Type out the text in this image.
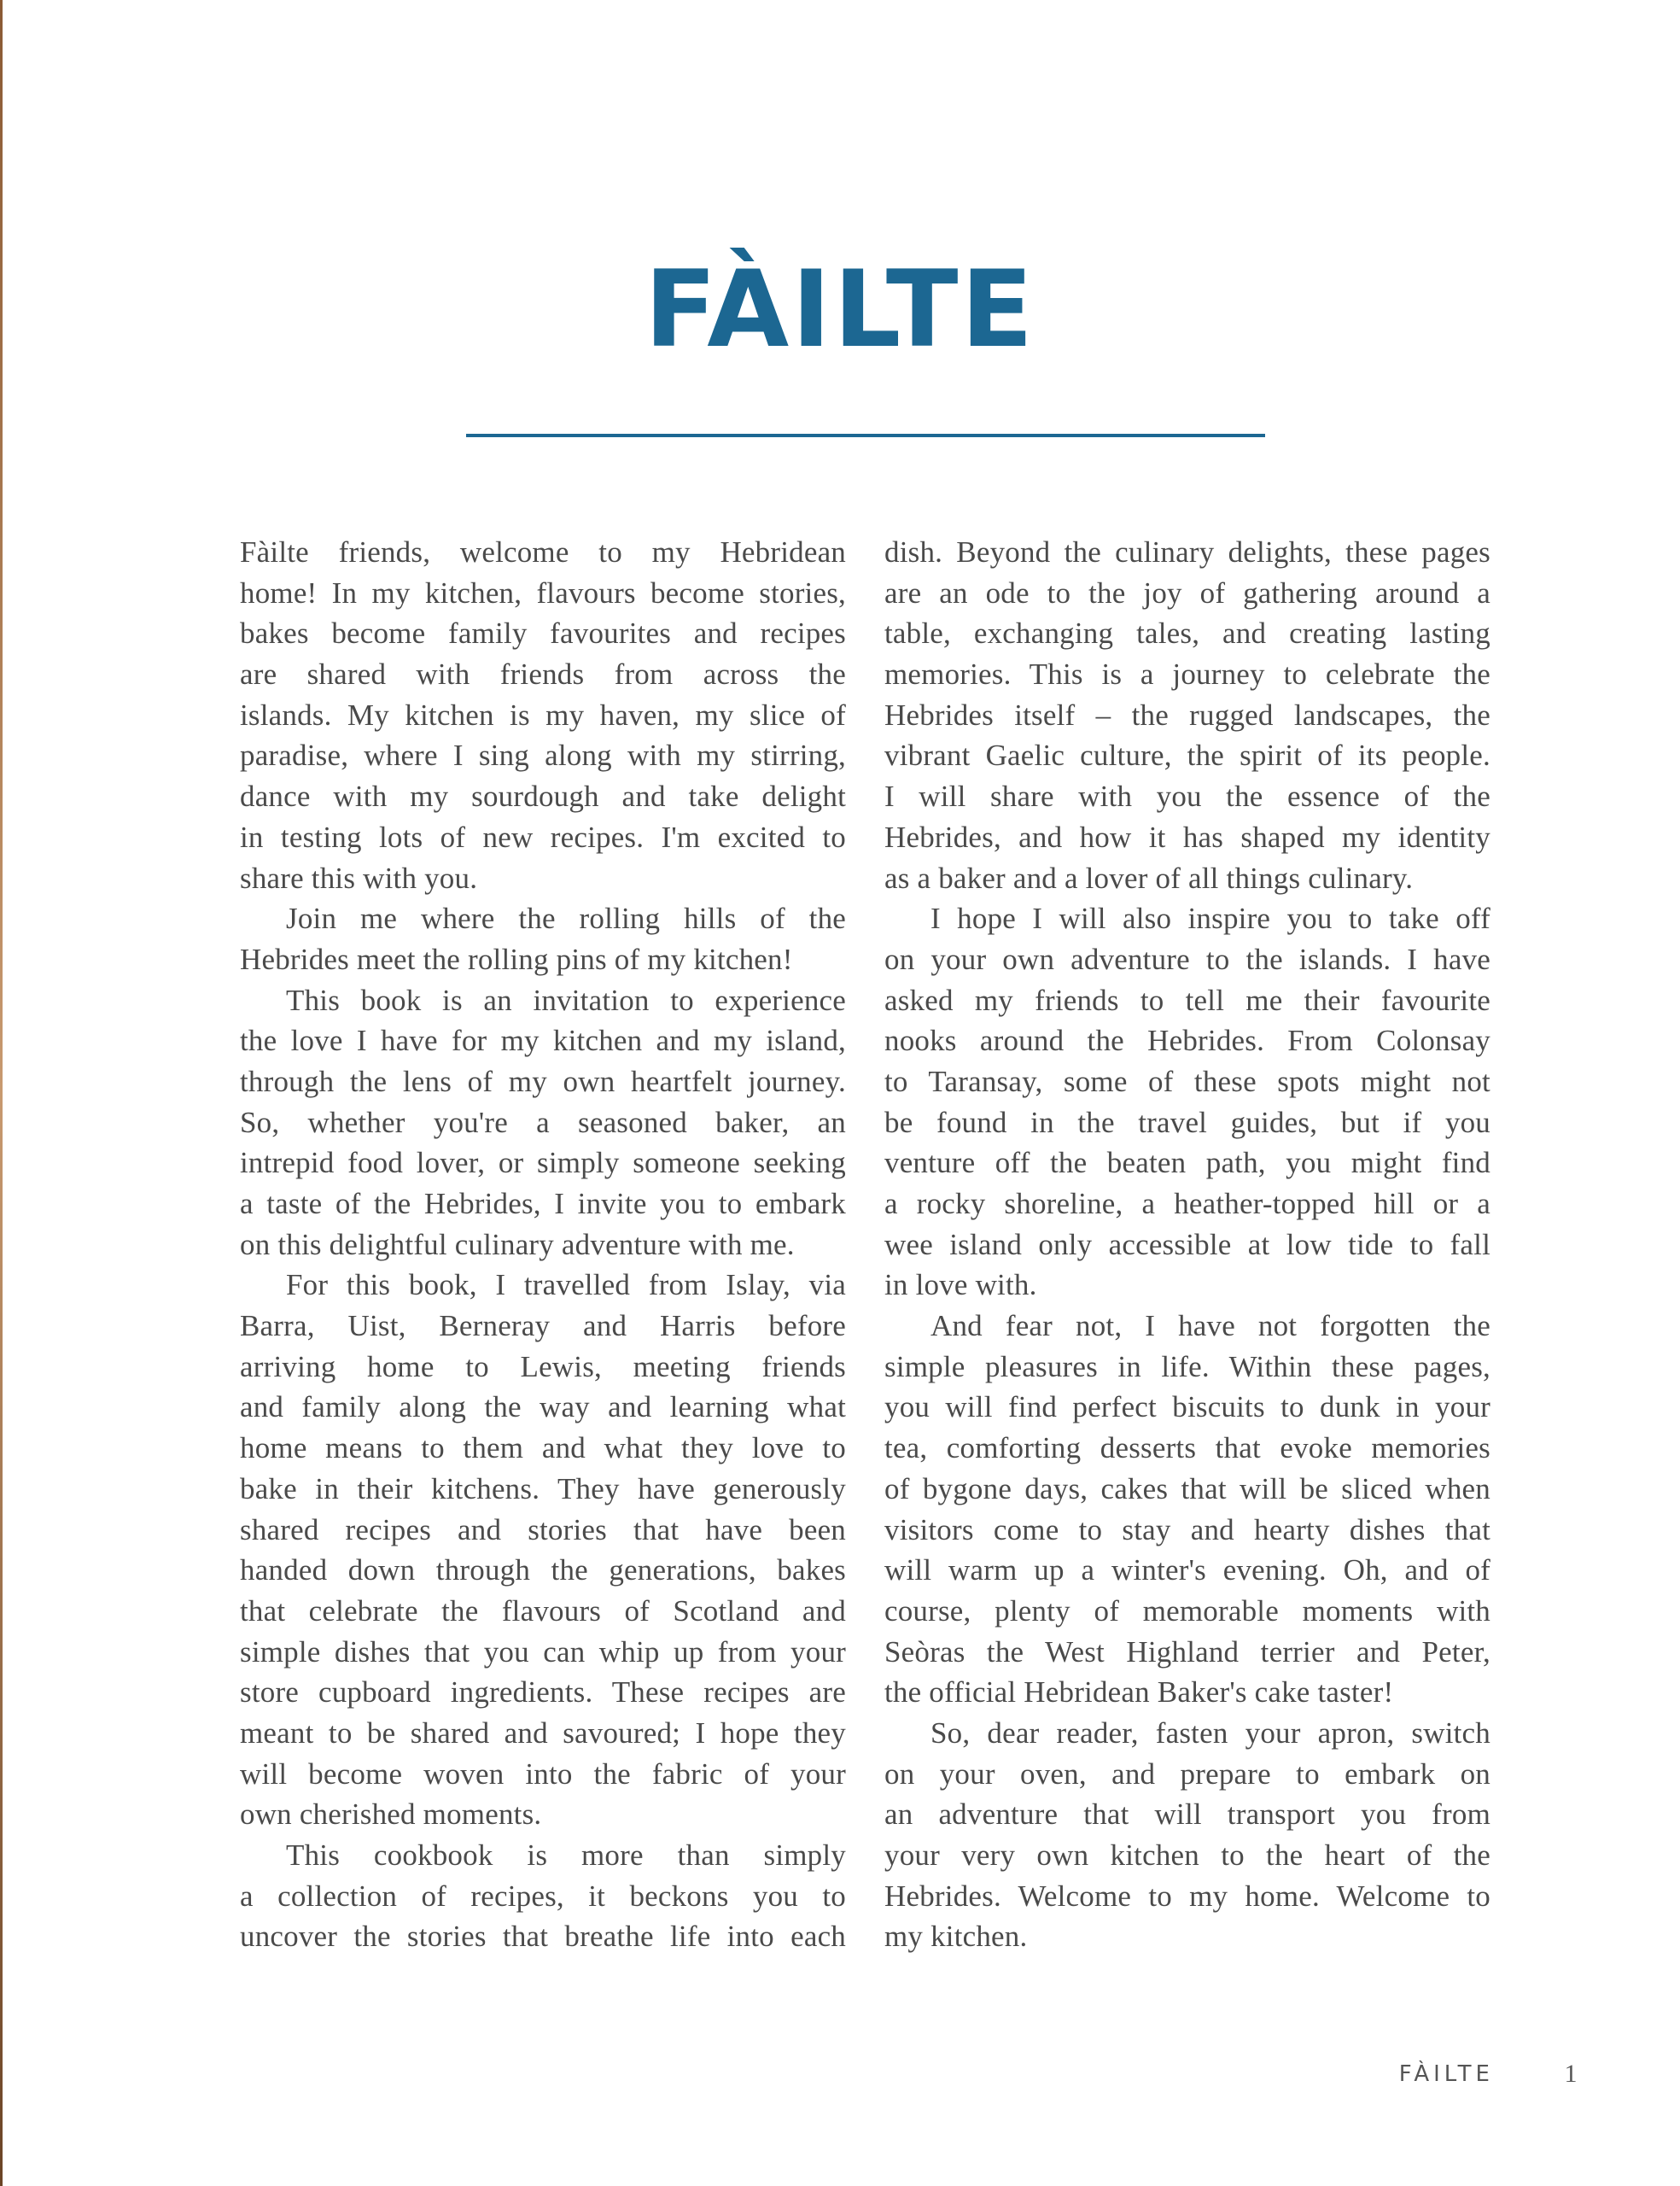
FÀILTE
Fàilte friends, welcome to my Hebridean
home! In my kitchen, flavours become stories,
bakes become family favourites and recipes
are shared with friends from across the
islands. My kitchen is my haven, my slice of
paradise, where I sing along with my stirring,
dance with my sourdough and take delight
in testing lots of new recipes. I'm excited to
share this with you.
Join me where the rolling hills of the
Hebrides meet the rolling pins of my kitchen!
This book is an invitation to experience
the love I have for my kitchen and my island,
through the lens of my own heartfelt journey.
So, whether you're a seasoned baker, an
intrepid food lover, or simply someone seeking
a taste of the Hebrides, I invite you to embark
on this delightful culinary adventure with me.
For this book, I travelled from Islay, via
Barra, Uist, Berneray and Harris before
arriving home to Lewis, meeting friends
and family along the way and learning what
home means to them and what they love to
bake in their kitchens. They have generously
shared recipes and stories that have been
handed down through the generations, bakes
that celebrate the flavours of Scotland and
simple dishes that you can whip up from your
store cupboard ingredients. These recipes are
meant to be shared and savoured; I hope they
will become woven into the fabric of your
own cherished moments.
This cookbook is more than simply
a collection of recipes, it beckons you to
uncover the stories that breathe life into each
dish. Beyond the culinary delights, these pages
are an ode to the joy of gathering around a
table, exchanging tales, and creating lasting
memories. This is a journey to celebrate the
Hebrides itself – the rugged landscapes, the
vibrant Gaelic culture, the spirit of its people.
I will share with you the essence of the
Hebrides, and how it has shaped my identity
as a baker and a lover of all things culinary.
I hope I will also inspire you to take off
on your own adventure to the islands. I have
asked my friends to tell me their favourite
nooks around the Hebrides. From Colonsay
to Taransay, some of these spots might not
be found in the travel guides, but if you
venture off the beaten path, you might find
a rocky shoreline, a heather-topped hill or a
wee island only accessible at low tide to fall
in love with.
And fear not, I have not forgotten the
simple pleasures in life. Within these pages,
you will find perfect biscuits to dunk in your
tea, comforting desserts that evoke memories
of bygone days, cakes that will be sliced when
visitors come to stay and hearty dishes that
will warm up a winter's evening. Oh, and of
course, plenty of memorable moments with
Seòras the West Highland terrier and Peter,
the official Hebridean Baker's cake taster!
So, dear reader, fasten your apron, switch
on your oven, and prepare to embark on
an adventure that will transport you from
your very own kitchen to the heart of the
Hebrides. Welcome to my home. Welcome to
my kitchen.
FÀILTE	1
